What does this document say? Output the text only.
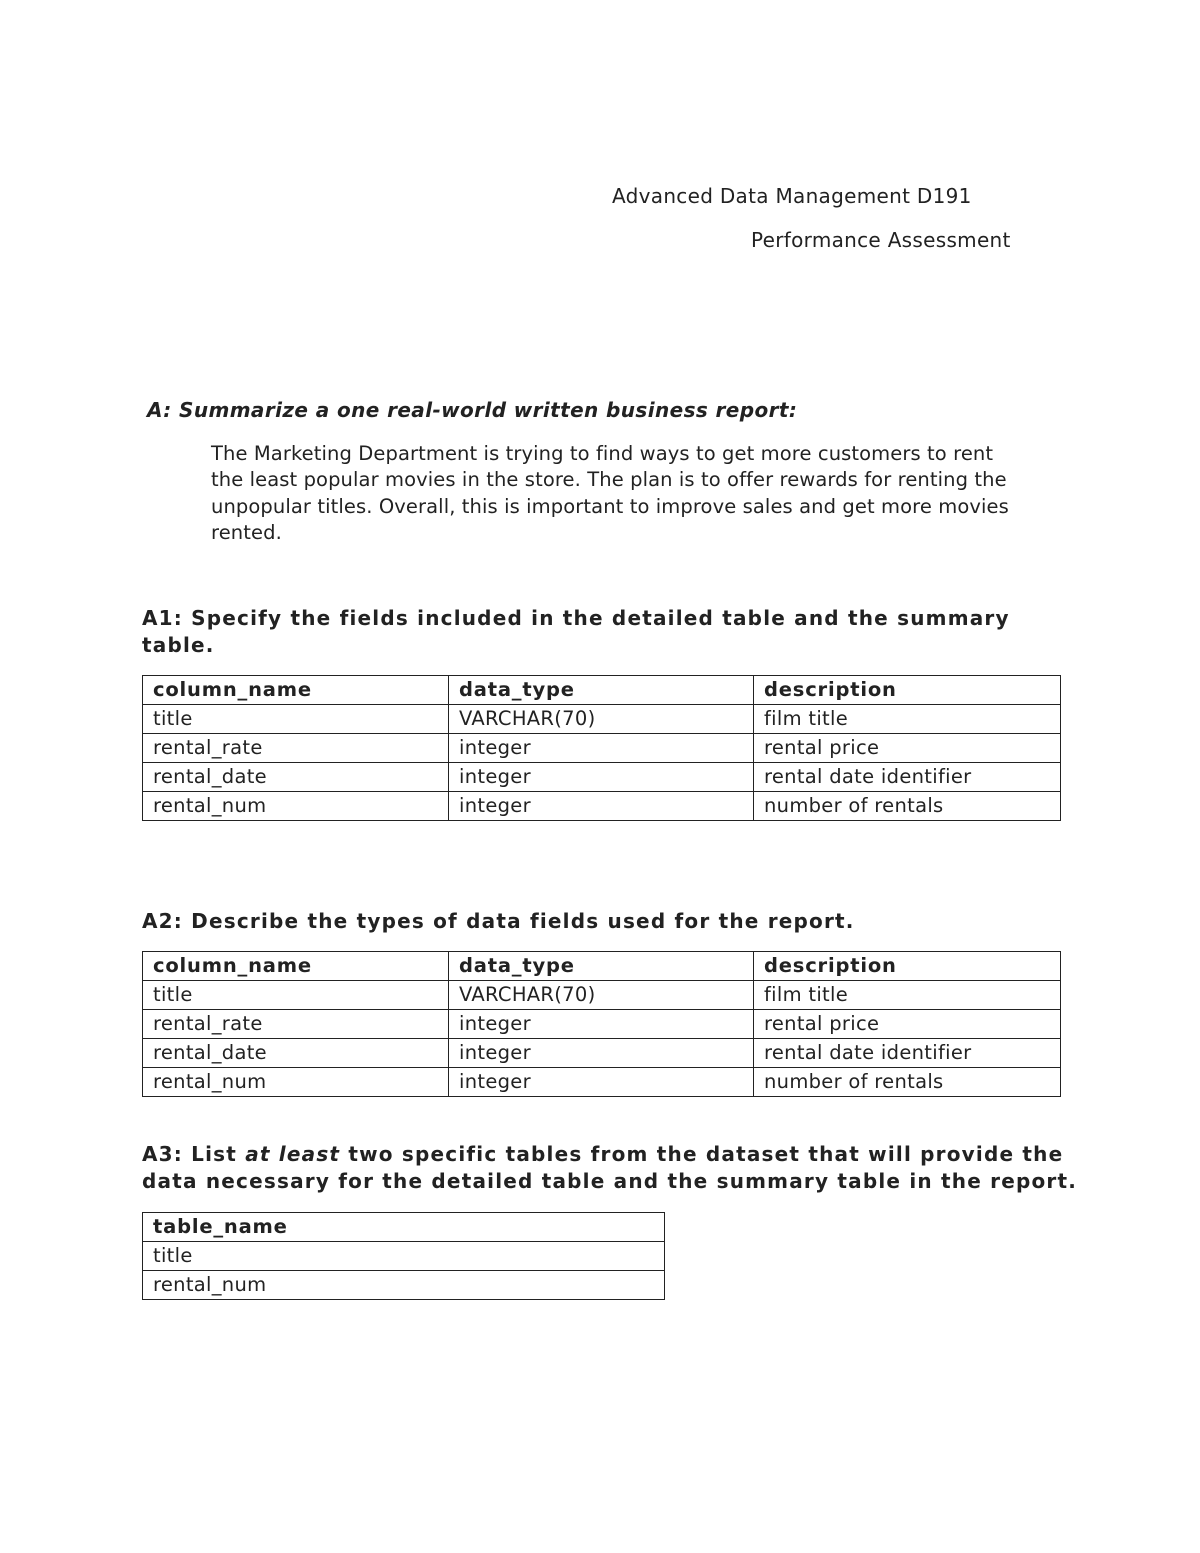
Advanced Data Management D191
Performance Assessment
A: Summarize a one real-world written business report:
The Marketing Department is trying to find ways to get more customers to rent
the least popular movies in the store. The plan is to offer rewards for renting the
unpopular titles. Overall, this is important to improve sales and get more movies
rented.
A1: Specify the fields included in the detailed table and the summary
table.
column_name	data_type	description
title	VARCHAR(70)	film title
rental_rate	integer	rental price
rental_date	integer	rental date identifier
rental_num	integer	number of rentals
A2: Describe the types of data fields used for the report.
column_name	data_type	description
title	VARCHAR(70)	film title
rental_rate	integer	rental price
rental_date	integer	rental date identifier
rental_num	integer	number of rentals
A3: List at least two specific tables from the dataset that will provide the
data necessary for the detailed table and the summary table in the report.
table_name
title
rental_num
